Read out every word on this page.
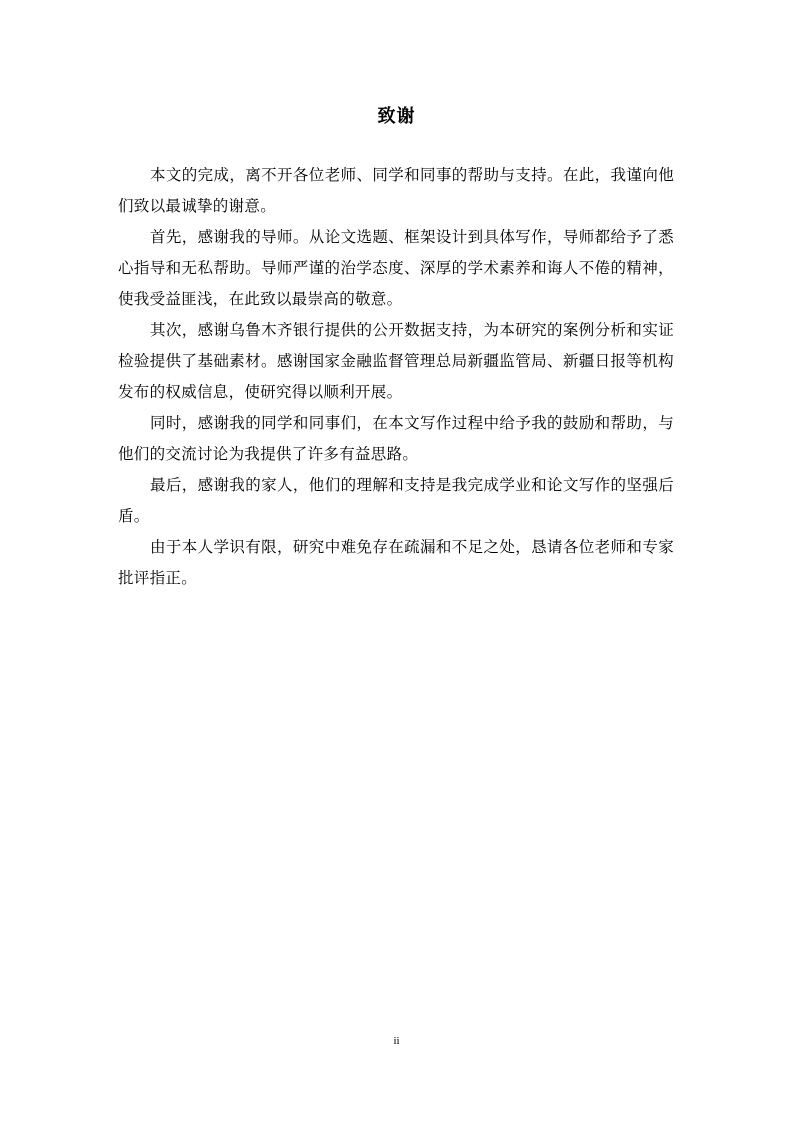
致谢

本文的完成，离不开各位老师、同学和同事的帮助与支持。在此，我谨向他们致以最诚挚的谢意。

首先，感谢我的导师。从论文选题、框架设计到具体写作，导师都给予了悉心指导和无私帮助。导师严谨的治学态度、深厚的学术素养和诲人不倦的精神，使我受益匪浅，在此致以最崇高的敬意。

其次，感谢乌鲁木齐银行提供的公开数据支持，为本研究的案例分析和实证检验提供了基础素材。感谢国家金融监督管理总局新疆监管局、新疆日报等机构发布的权威信息，使研究得以顺利开展。

同时，感谢我的同学和同事们，在本文写作过程中给予我的鼓励和帮助，与他们的交流讨论为我提供了许多有益思路。

最后，感谢我的家人，他们的理解和支持是我完成学业和论文写作的坚强后盾。

由于本人学识有限，研究中难免存在疏漏和不足之处，恳请各位老师和专家批评指正。

ii
